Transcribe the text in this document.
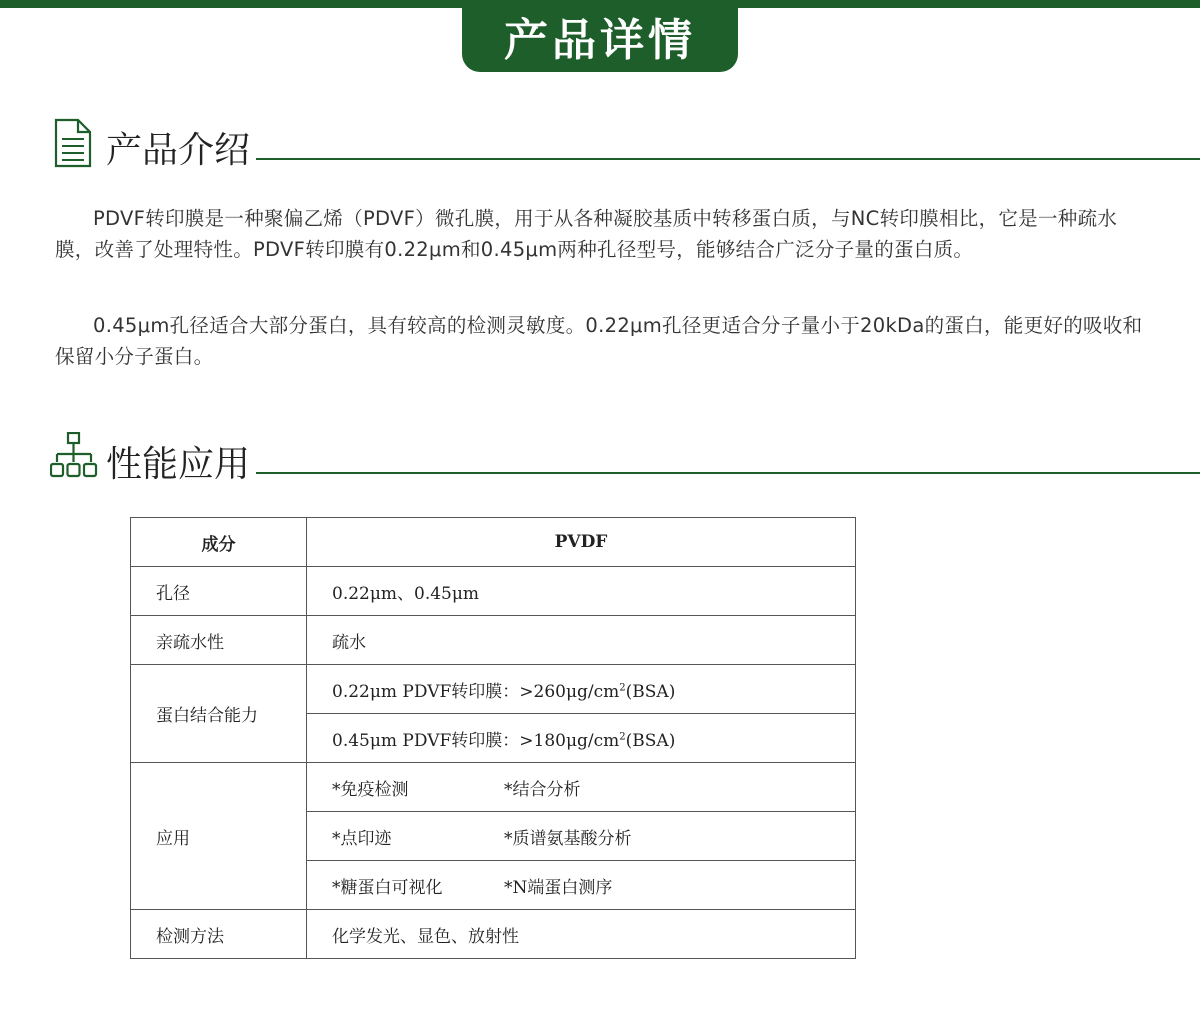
产品详情
产品介绍

PDVF转印膜是一种聚偏乙烯（PDVF）微孔膜，用于从各种凝胶基质中转移蛋白质，与NC转印膜相比，它是一种疏水膜，改善了处理特性。PDVF转印膜有0.22μm和0.45μm两种孔径型号，能够结合广泛分子量的蛋白质。

0.45μm孔径适合大部分蛋白，具有较高的检测灵敏度。0.22μm孔径更适合分子量小于20kDa的蛋白，能更好的吸收和保留小分子蛋白。

性能应用
成分	PVDF
孔径	0.22μm、0.45μm
亲疏水性	疏水
蛋白结合能力	0.22μm PDVF转印膜：$>260\mu g/cm^2(BSA)$
	0.45μm PDVF转印膜：$>180\mu g/cm^2(BSA)$
应用	*免疫检测 *结合分析
	*点印迹 *质谱氨基酸分析
	*糖蛋白可视化 *N端蛋白测序
检测方法	化学发光、显色、放射性
